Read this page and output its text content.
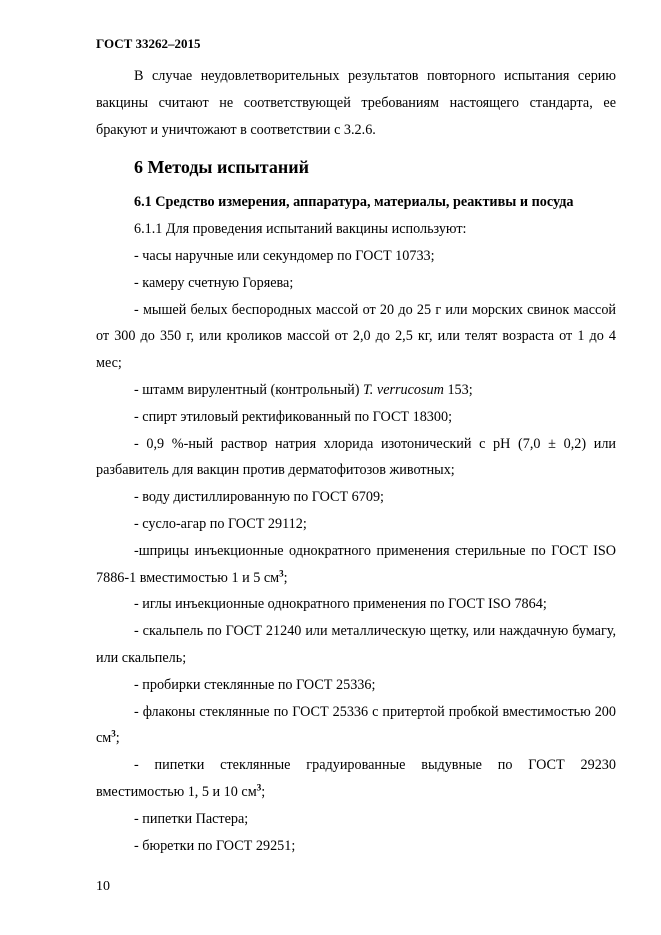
ГОСТ 33262–2015

В случае неудовлетворительных результатов повторного испытания серию вакцины считают не соответствующей требованиям настоящего стандарта, ее бракуют и уничтожают в соответствии с 3.2.6.

6 Методы испытаний
6.1 Средство измерения, аппаратура, материалы, реактивы и посуда

6.1.1 Для проведения испытаний вакцины используют:

- часы наручные или секундомер по ГОСТ 10733;

- камеру счетную Горяева;

- мышей белых беспородных массой от 20 до 25 г или морских свинок массой от 300 до 350 г, или кроликов массой от 2,0 до 2,5 кг, или телят возраста от 1 до 4 мес;

- штамм вирулентный (контрольный) T. verrucosum 153;

- спирт этиловый ректификованный по ГОСТ 18300;

- 0,9 %-ный раствор натрия хлорида изотонический с pH (7,0 ± 0,2) или разбавитель для вакцин против дерматофитозов животных;

- воду дистиллированную по ГОСТ 6709;

- сусло-агар по ГОСТ 29112;

-шприцы инъекционные однократного применения стерильные по ГОСТ ISO 7886-1 вместимостью 1 и 5 $см^3$;

- иглы инъекционные однократного применения по ГОСТ ISO 7864;

- скальпель по ГОСТ 21240 или металлическую щетку, или наждачную бумагу, или скальпель;

- пробирки стеклянные по ГОСТ 25336;

- флаконы стеклянные по ГОСТ 25336 с притертой пробкой вместимостью 200 $см^3$;

- пипетки стеклянные градуированные выдувные по ГОСТ 29230 вместимостью 1, 5 и 10 $см^3$;

- пипетки Пастера;

- бюретки по ГОСТ 29251;

10
